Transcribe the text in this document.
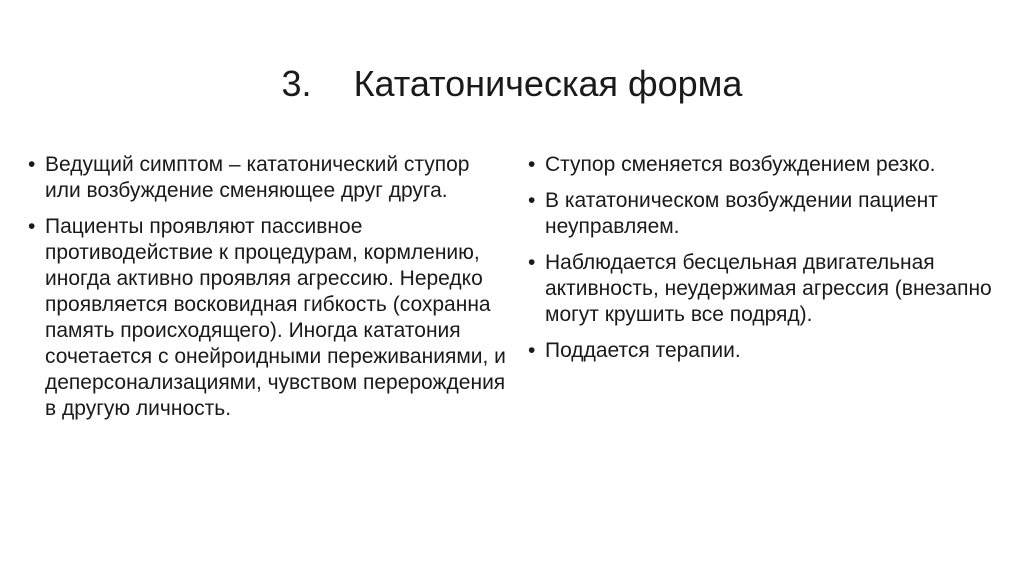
3. Кататоническая форма
• Ведущий симптом – кататонический ступор или возбуждение сменяющее друг друга.
• Пациенты проявляют пассивное противодействие к процедурам, кормлению, иногда активно проявляя агрессию. Нередко проявляется восковидная гибкость (сохранна память происходящего). Иногда кататония сочетается с онейроидными переживаниями, и деперсонализациями, чувством перерождения в другую личность.
• Ступор сменяется возбуждением резко.
• В кататоническом возбуждении пациент неуправляем.
• Наблюдается бесцельная двигательная активность, неудержимая агрессия (внезапно могут крушить все подряд).
• Поддается терапии.
